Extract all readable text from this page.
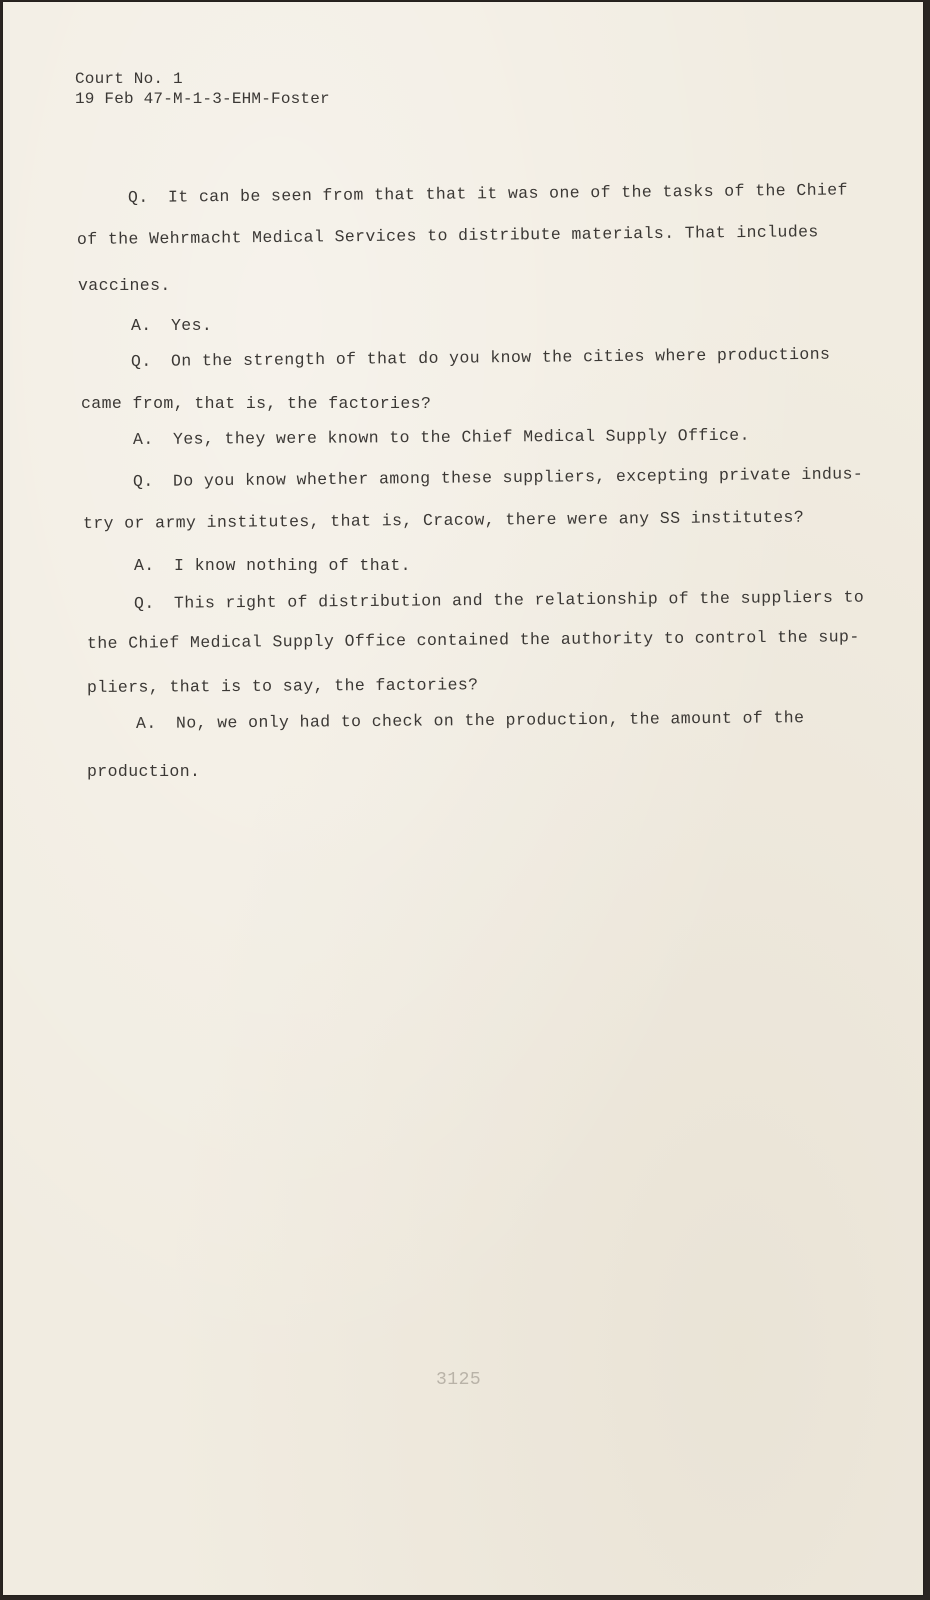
Court No. 1

19 Feb 47-M-1-3-EHM-Foster

Q. It can be seen from that that it was one of the tasks of the Chief

of the Wehrmacht Medical Services to distribute materials. That includes

vaccines.

A. Yes.

Q. On the strength of that do you know the cities where productions

came from, that is, the factories?

A. Yes, they were known to the Chief Medical Supply Office.

Q. Do you know whether among these suppliers, excepting private indus-

try or army institutes, that is, Cracow, there were any SS institutes?

A. I know nothing of that.

Q. This right of distribution and the relationship of the suppliers to

the Chief Medical Supply Office contained the authority to control the sup-

pliers, that is to say, the factories?

A. No, we only had to check on the production, the amount of the

production.

3125
